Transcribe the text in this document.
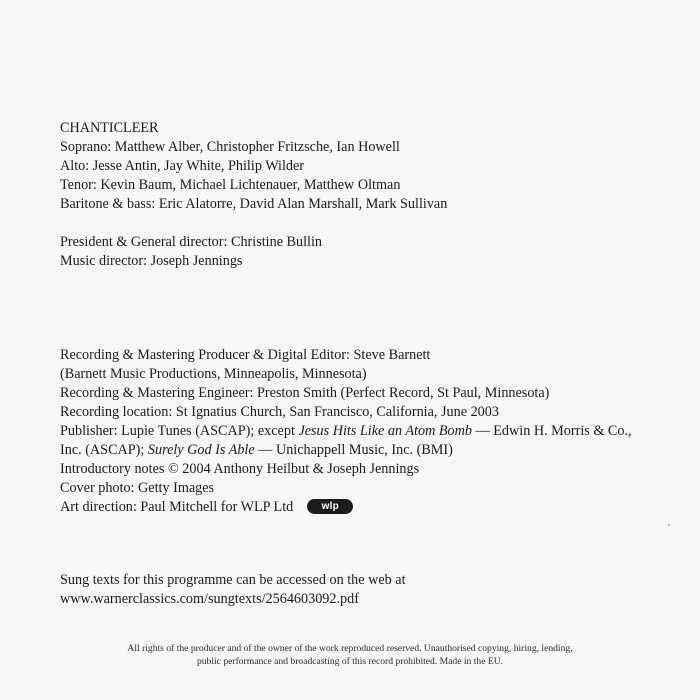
CHANTICLEER
Soprano: Matthew Alber, Christopher Fritzsche, Ian Howell
Alto: Jesse Antin, Jay White, Philip Wilder
Tenor: Kevin Baum, Michael Lichtenauer, Matthew Oltman
Baritone & bass: Eric Alatorre, David Alan Marshall, Mark Sullivan
President & General director: Christine Bullin
Music director: Joseph Jennings
Recording & Mastering Producer & Digital Editor: Steve Barnett
(Barnett Music Productions, Minneapolis, Minnesota)
Recording & Mastering Engineer: Preston Smith (Perfect Record, St Paul, Minnesota)
Recording location: St Ignatius Church, San Francisco, California, June 2003
Publisher: Lupie Tunes (ASCAP); except Jesus Hits Like an Atom Bomb — Edwin H. Morris & Co.,
Inc. (ASCAP); Surely God Is Able — Unichappell Music, Inc. (BMI)
Introductory notes © 2004 Anthony Heilbut & Joseph Jennings
Cover photo: Getty Images
Art direction: Paul Mitchell for WLP Ltd	wlp
Sung texts for this programme can be accessed on the web at
www.warnerclassics.com/sungtexts/2564603092.pdf
All rights of the producer and of the owner of the work reproduced reserved. Unauthorised copying, hiring, lending,
public performance and broadcasting of this record prohibited. Made in the EU.
